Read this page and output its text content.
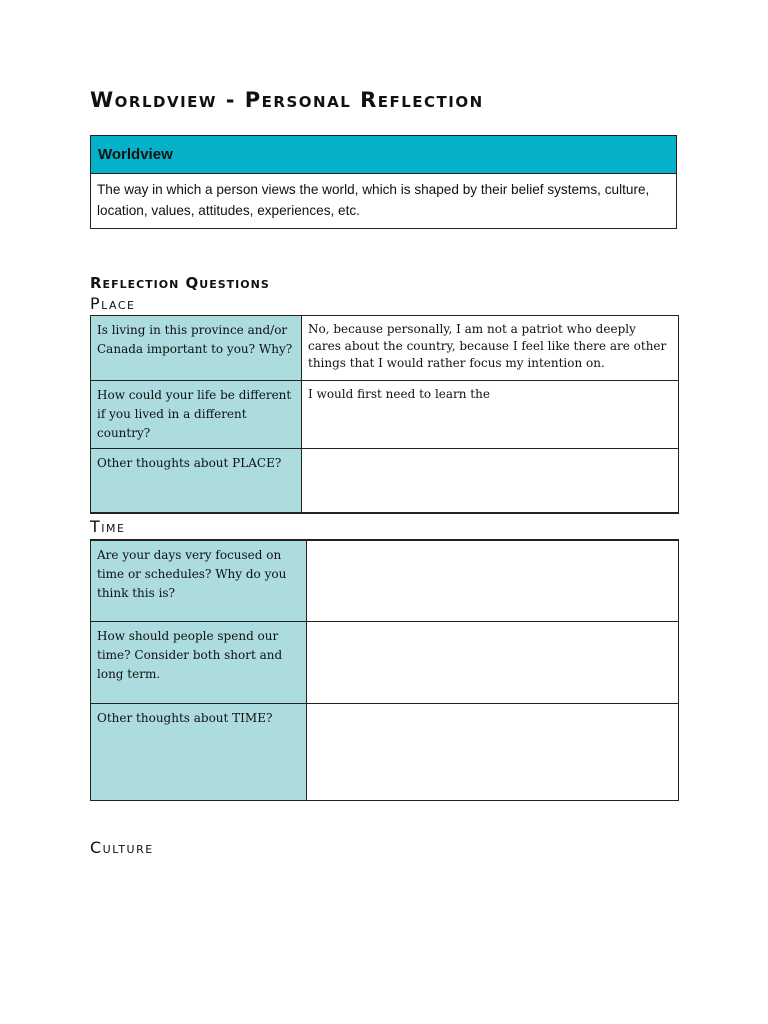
Worldview - Personal Reflection
Worldview
The way in which a person views the world, which is shaped by their belief systems, culture, location, values, attitudes, experiences, etc.
Reflection Questions
Place
Is living in this province and/or Canada important to you? Why?	No, because personally, I am not a patriot who deeply cares about the country, because I feel like there are other things that I would rather focus my intention on.
How could your life be different if you lived in a different country?	I would first need to learn the
Other thoughts about PLACE?	
Time
Are your days very focused on time or schedules? Why do you think this is?	
How should people spend our time? Consider both short and long term.	
Other thoughts about TIME?	
Culture
